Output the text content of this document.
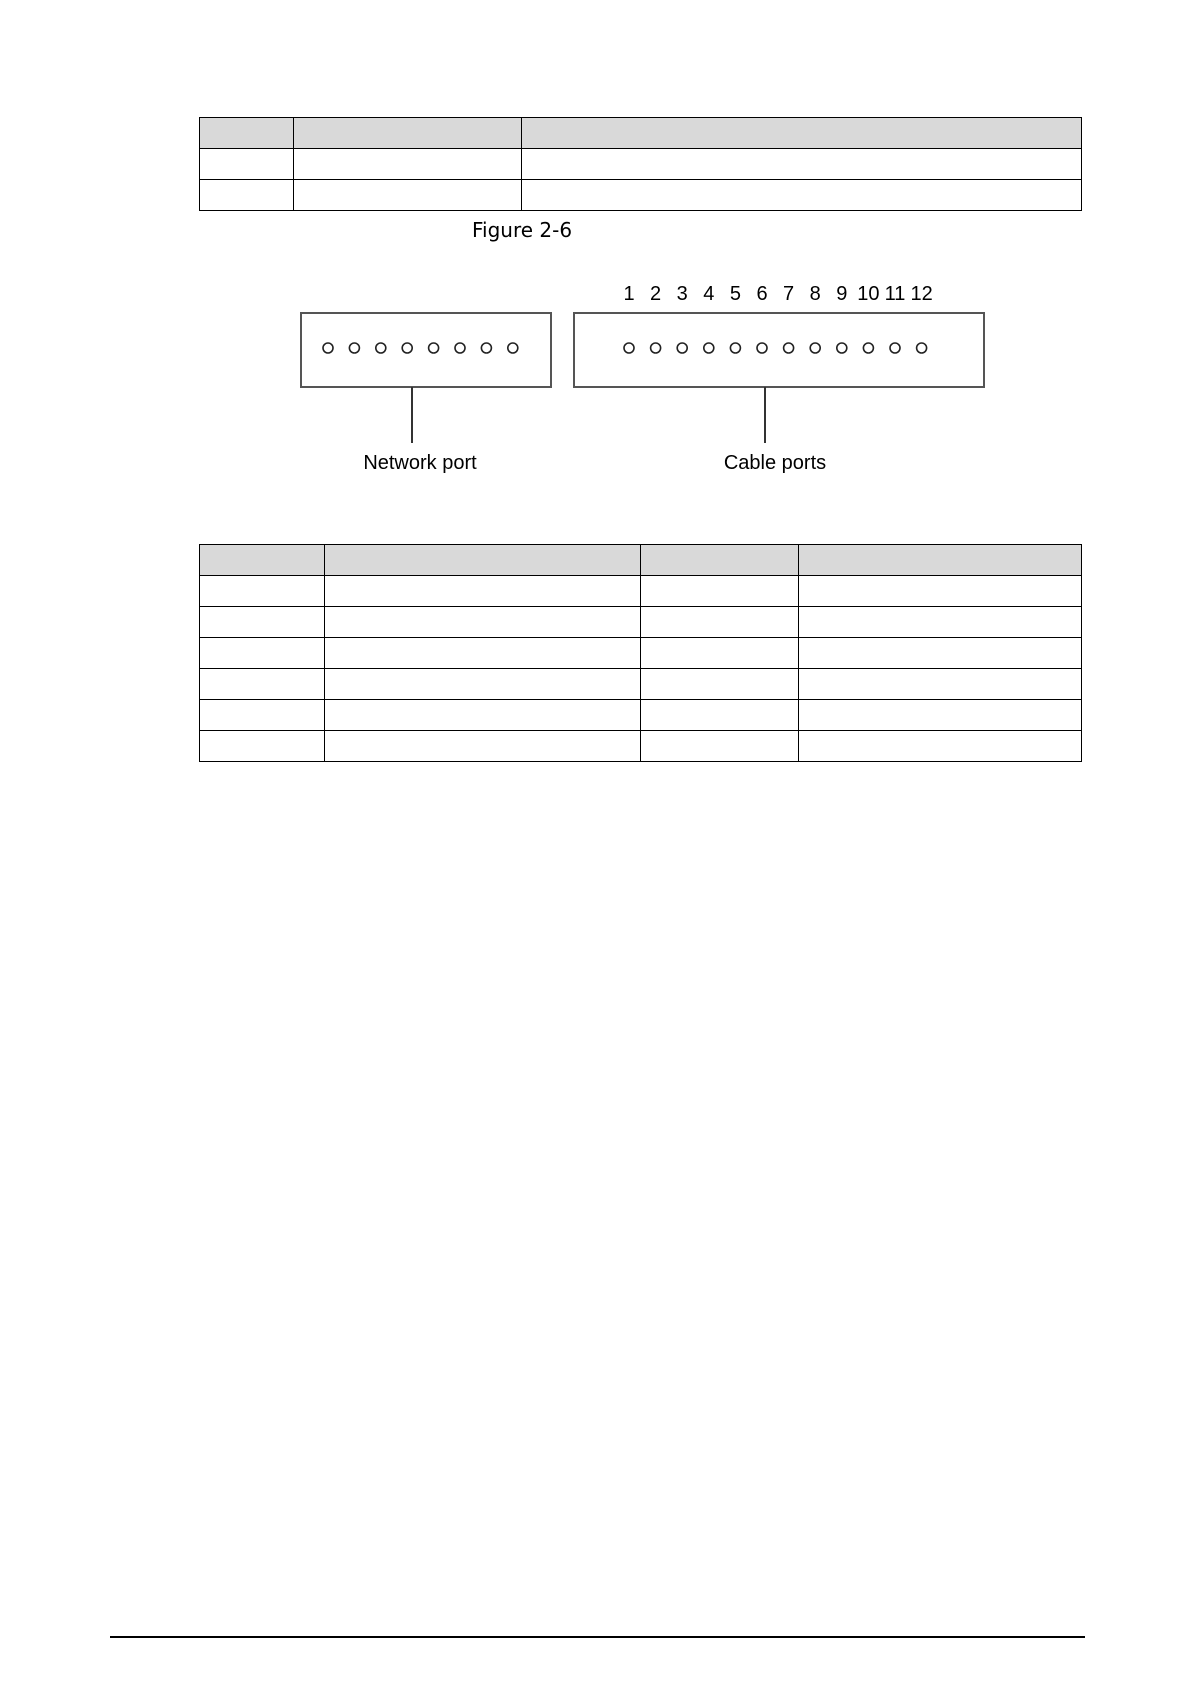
Figure 2-6
Network port
1 2 3 4 5 6 7 8 9 10 11 12
Cable ports
